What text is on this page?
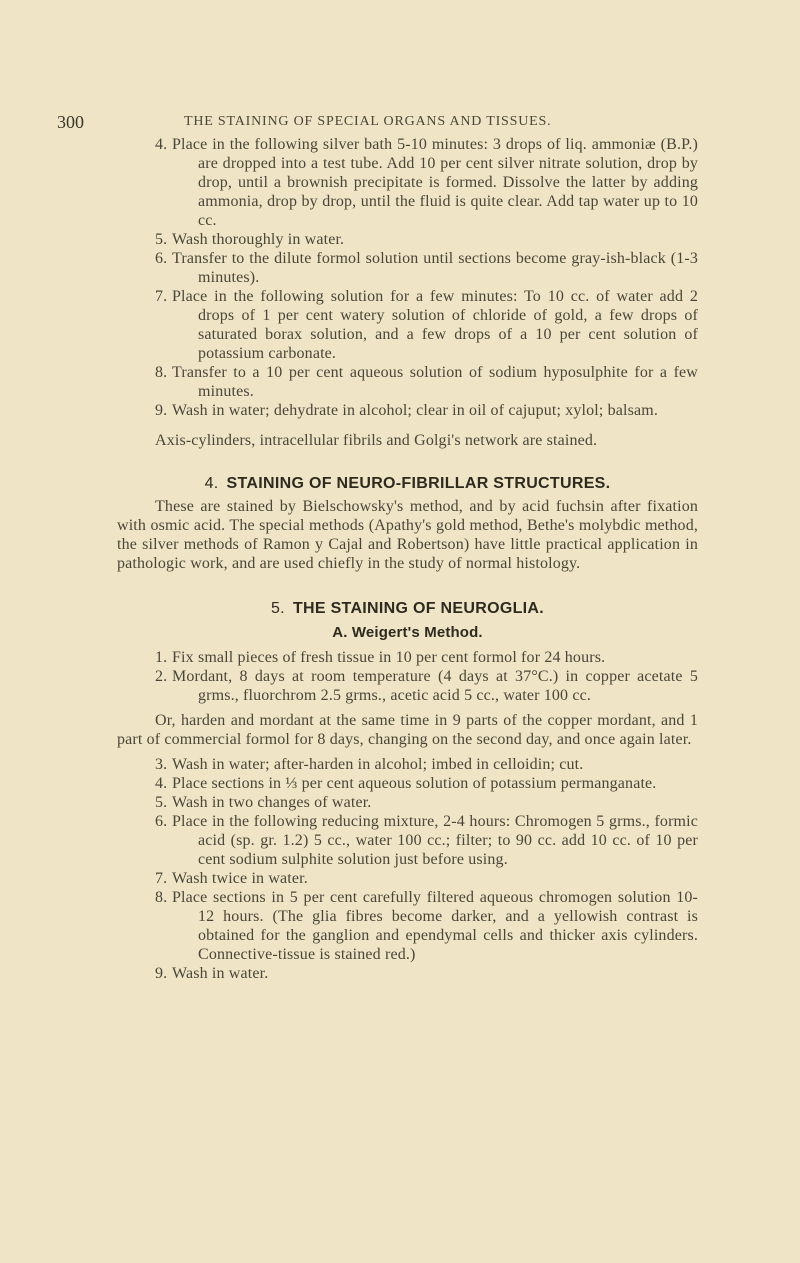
300	THE STAINING OF SPECIAL ORGANS AND TISSUES.
4. Place in the following silver bath 5-10 minutes: 3 drops of liq. ammoniæ (B.P.) are dropped into a test tube. Add 10 per cent silver nitrate solution, drop by drop, until a brownish precipitate is formed. Dissolve the latter by adding ammonia, drop by drop, until the fluid is quite clear. Add tap water up to 10 cc.
5. Wash thoroughly in water.
6. Transfer to the dilute formol solution until sections become gray-ish-black (1-3 minutes).
7. Place in the following solution for a few minutes: To 10 cc. of water add 2 drops of 1 per cent watery solution of chloride of gold, a few drops of saturated borax solution, and a few drops of a 10 per cent solution of potassium carbonate.
8. Transfer to a 10 per cent aqueous solution of sodium hyposulphite for a few minutes.
9. Wash in water; dehydrate in alcohol; clear in oil of cajuput; xylol; balsam.
Axis-cylinders, intracellular fibrils and Golgi's network are stained.
4. STAINING OF NEURO-FIBRILLAR STRUCTURES.
These are stained by Bielschowsky's method, and by acid fuchsin after fixation with osmic acid. The special methods (Apathy's gold method, Bethe's molybdic method, the silver methods of Ramon y Cajal and Robertson) have little practical application in pathologic work, and are used chiefly in the study of normal histology.
5. THE STAINING OF NEUROGLIA.
A. Weigert's Method.
1. Fix small pieces of fresh tissue in 10 per cent formol for 24 hours.
2. Mordant, 8 days at room temperature (4 days at 37°C.) in copper acetate 5 grms., fluorchrom 2.5 grms., acetic acid 5 cc., water 100 cc.
Or, harden and mordant at the same time in 9 parts of the copper mordant, and 1 part of commercial formol for 8 days, changing on the second day, and once again later.
3. Wash in water; after-harden in alcohol; imbed in celloidin; cut.
4. Place sections in ⅓ per cent aqueous solution of potassium permanganate.
5. Wash in two changes of water.
6. Place in the following reducing mixture, 2-4 hours: Chromogen 5 grms., formic acid (sp. gr. 1.2) 5 cc., water 100 cc.; filter; to 90 cc. add 10 cc. of 10 per cent sodium sulphite solution just before using.
7. Wash twice in water.
8. Place sections in 5 per cent carefully filtered aqueous chromogen solution 10-12 hours. (The glia fibres become darker, and a yellowish contrast is obtained for the ganglion and ependymal cells and thicker axis cylinders. Connective-tissue is stained red.)
9. Wash in water.
